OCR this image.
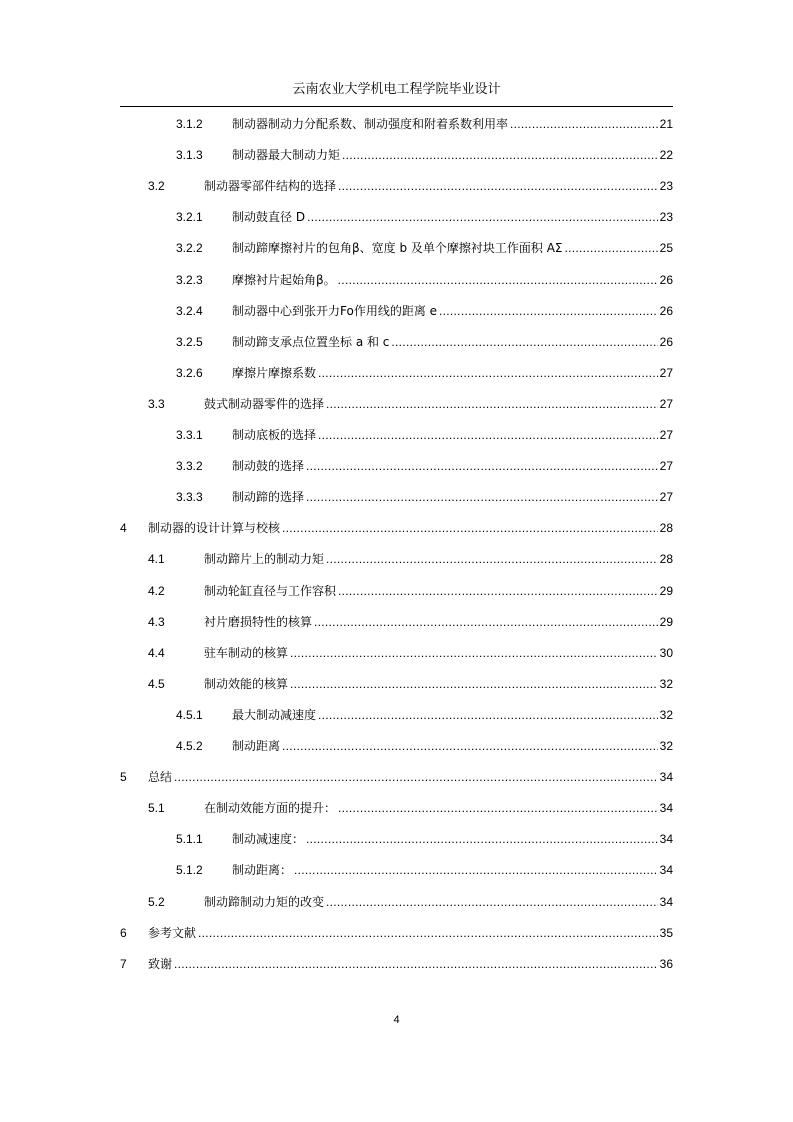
云南农业大学机电工程学院毕业设计
3.1.2	制动器制动力分配系数、制动强度和附着系数利用率 .....	21
3.1.3	制动器最大制动力矩 .....	22
3.2	制动器零部件结构的选择 .....	23
3.2.1	制动鼓直径 D .....	23
3.2.2	制动蹄摩擦衬片的包角β、宽度 b 及单个摩擦衬块工作面积 AΣ .....	25
3.2.3	摩擦衬片起始角β。 .....	26
3.2.4	制动器中心到张开力Fo作用线的距离 e .....	26
3.2.5	制动蹄支承点位置坐标 a 和 c .....	26
3.2.6	摩擦片摩擦系数 .....	27
3.3	鼓式制动器零件的选择 .....	27
3.3.1	制动底板的选择 .....	27
3.3.2	制动鼓的选择 .....	27
3.3.3	制动蹄的选择 .....	27
4	制动器的设计计算与校核 .....	28
4.1	制动蹄片上的制动力矩 .....	28
4.2	制动轮缸直径与工作容积 .....	29
4.3	衬片磨损特性的核算 .....	29
4.4	驻车制动的核算 .....	30
4.5	制动效能的核算 .....	32
4.5.1	最大制动减速度 .....	32
4.5.2	制动距离 .....	32
5	总结 .....	34
5.1	在制动效能方面的提升： .....	34
5.1.1	制动减速度： .....	34
5.1.2	制动距离： .....	34
5.2	制动蹄制动力矩的改变 .....	34
6	参考文献 .....	35
7	致谢 .....	36
4
